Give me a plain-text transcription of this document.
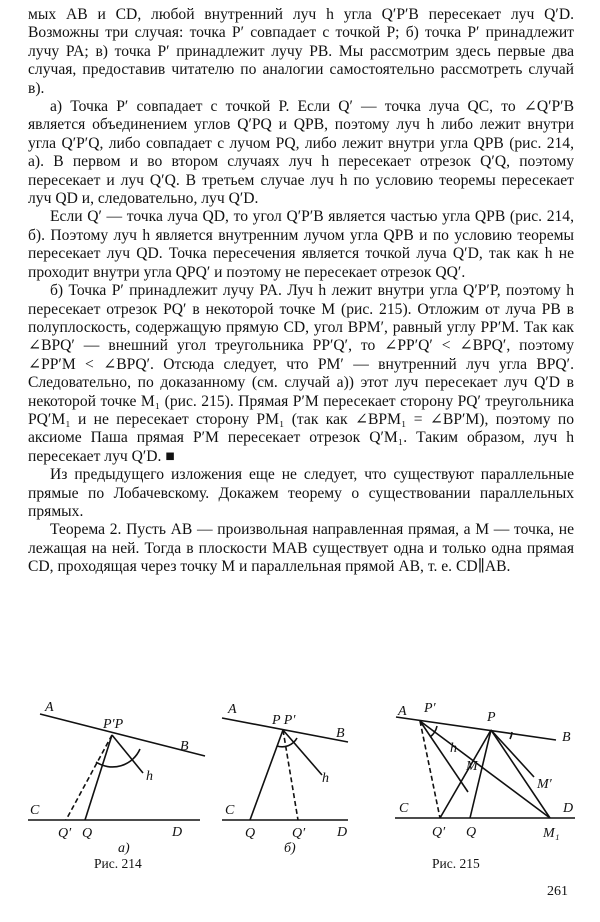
мых AB и CD, любой внутренний луч h угла Q′P′B пересекает луч Q′D. Возможны три случая: точка P′ совпадает с точкой P; б) точка P′ принадлежит лучу PA; в) точка P′ принадлежит лучу PB. Мы рассмотрим здесь первые два случая, предоставив читателю по аналогии самостоятельно рассмотреть случай в).

а) Точка P′ совпадает с точкой P. Если Q′ — точка луча QC, то ∠Q′P′B является объединением углов Q′PQ и QPB, поэтому луч h либо лежит внутри угла Q′P′Q, либо совпадает с лучом PQ, либо лежит внутри угла QPB (рис. 214, а). В первом и во втором случаях луч h пересекает отрезок Q′Q, поэтому пересекает и луч Q′Q. В третьем случае луч h по условию теоремы пересекает луч QD и, следовательно, луч Q′D.

Если Q′ — точка луча QD, то угол Q′P′B является частью угла QPB (рис. 214, б). Поэтому луч h является внутренним лучом угла QPB и по условию теоремы пересекает луч QD. Точка пересечения является точкой луча Q′D, так как h не проходит внутри угла QPQ′ и поэтому не пересекает отрезок QQ′.

б) Точка P′ принадлежит лучу PA. Луч h лежит внутри угла Q′P′P, поэтому h пересекает отрезок PQ′ в некоторой точке M (рис. 215). Отложим от луча PB в полуплоскость, содержащую прямую CD, угол BPM′, равный углу PP′M. Так как ∠BPQ′ — внешний угол треугольника PP′Q′, то ∠PP′Q′ < ∠BPQ′, поэтому ∠PP′M < ∠BPQ′. Отсюда следует, что PM′ — внутренний луч угла BPQ′. Следовательно, по доказанному (см. случай а)) этот луч пересекает луч Q′D в некоторой точке M₁ (рис. 215). Прямая P′M пересекает сторону PQ′ треугольника PQ′M₁ и не пересекает сторону PM₁ (так как ∠BPM₁ = ∠BP′M), поэтому по аксиоме Паша прямая P′M пересекает отрезок Q′M₁. Таким образом, луч h пересекает луч Q′D. ■

Из предыдущего изложения еще не следует, что существуют параллельные прямые по Лобачевскому. Докажем теорему о существовании параллельных прямых.

Теорема 2. Пусть AB — произвольная направленная прямая, а M — точка, не лежащая на ней. Тогда в плоскости MAB существует одна и только одна прямая CD, проходящая через точку M и параллельная прямой AB, т. е. CD∥AB.

A
B
P′P
h
C
Q′ Q	D
а)
A
B
P P′
h
C
Q	Q′ D
б)
A P′
P
B
h
M
M′
C
Q′ Q	M₁
D
Рис. 214	Рис. 215
261
